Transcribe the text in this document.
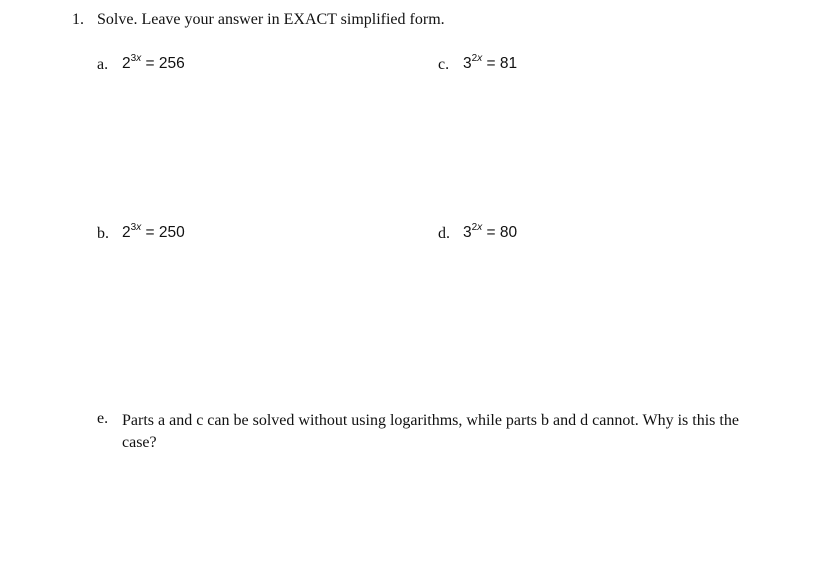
1. Solve. Leave your answer in EXACT simplified form.
a. $2^{3x} = 256$	c. $3^{2x} = 81$
b. $2^{3x} = 250$	d. $3^{2x} = 80$
e. Parts a and c can be solved without using logarithms, while parts b and d cannot. Why is this the case?
